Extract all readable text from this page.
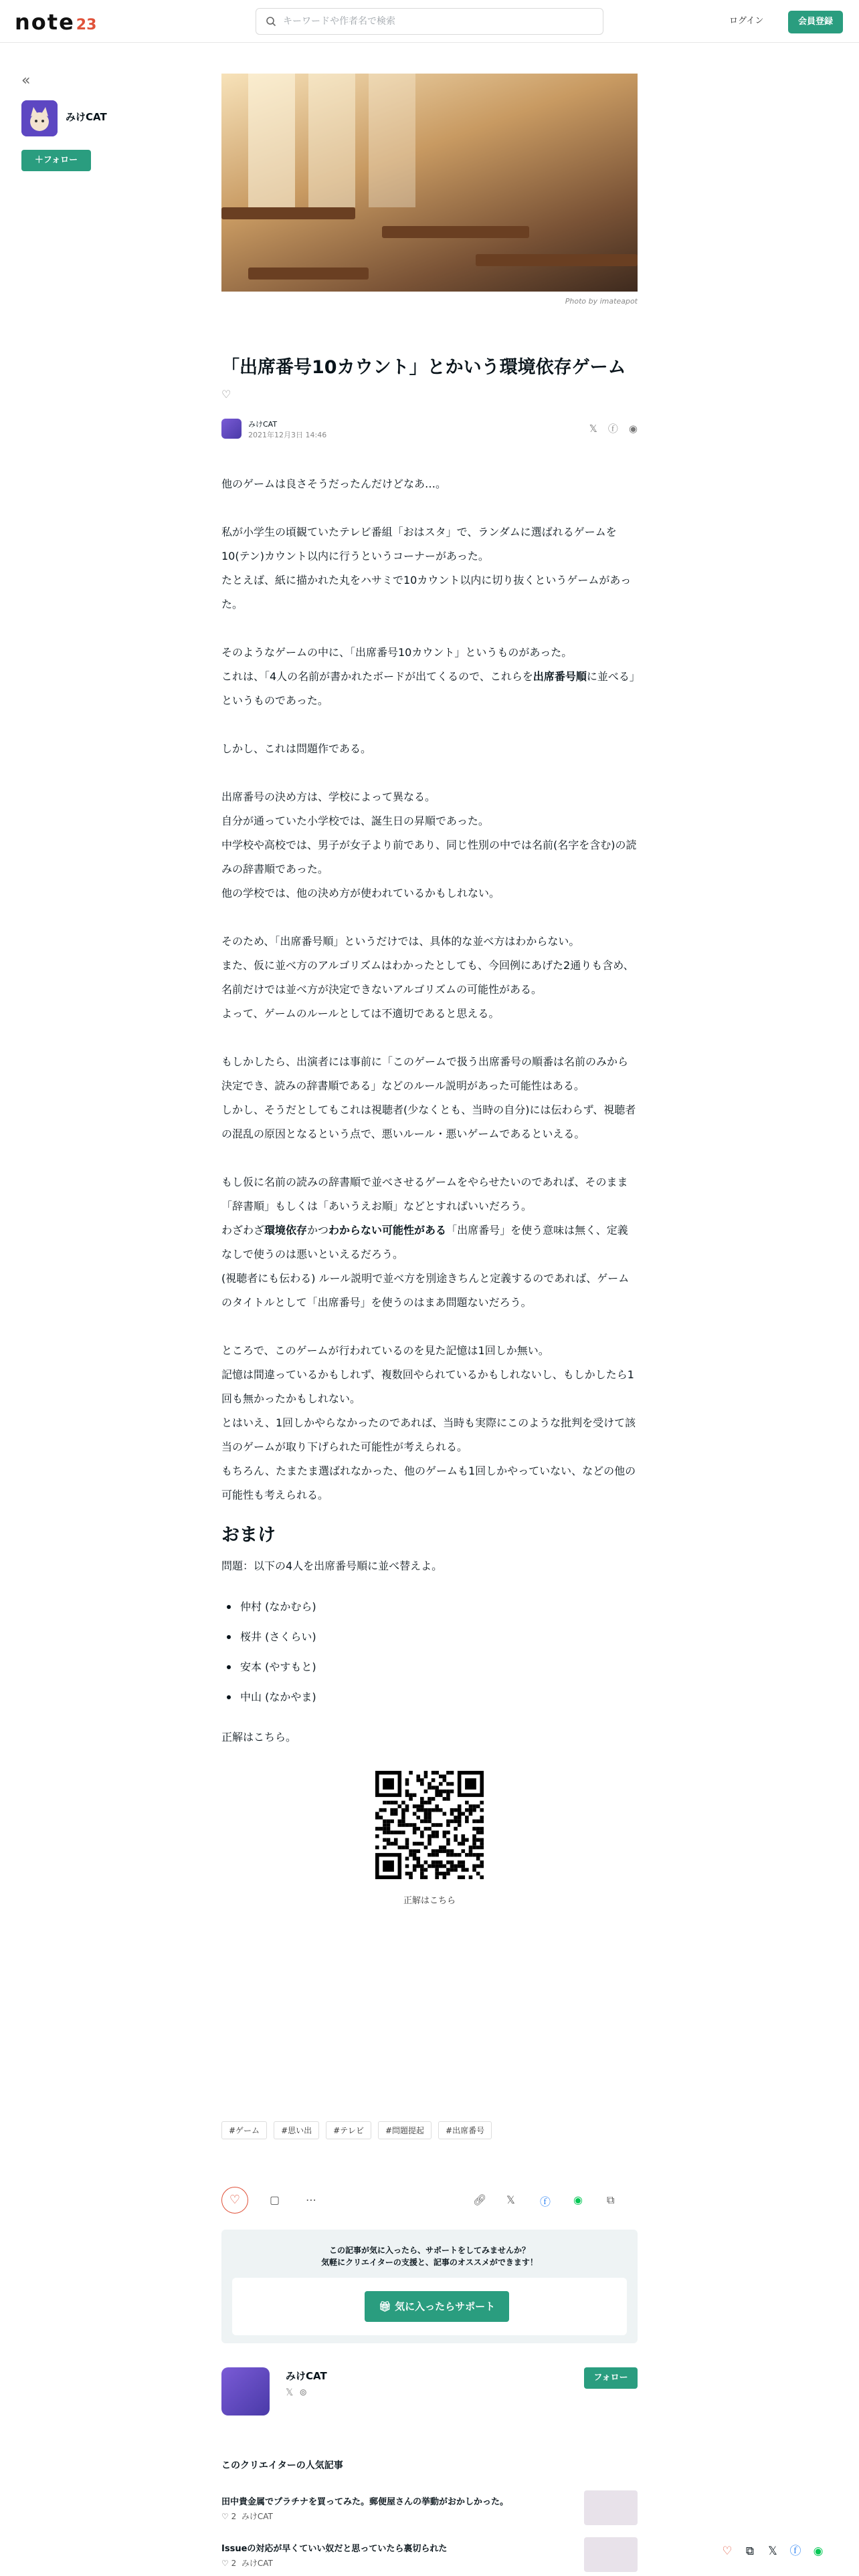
note23
キーワードや作者名で検索	ログイン	会員登録
«
みけCAT
＋フォロー
Photo by imateapot
「出席番号10カウント」とかいう環境依存ゲーム
♡
みけCAT
2021年12月3日 14:46
𝕏 ⓕ ◉

他のゲームは良さそうだったんだけどなあ…。

私が小学生の頃観ていたテレビ番組「おはスタ」で、ランダムに選ばれるゲームを10(テン)カウント以内に行うというコーナーがあった。

たとえば、紙に描かれた丸をハサミで10カウント以内に切り抜くというゲームがあった。

そのようなゲームの中に、「出席番号10カウント」というものがあった。

これは、「4人の名前が書かれたボードが出てくるので、これらを出席番号順に並べる」というものであった。

しかし、これは問題作である。

出席番号の決め方は、学校によって異なる。

自分が通っていた小学校では、誕生日の昇順であった。

中学校や高校では、男子が女子より前であり、同じ性別の中では名前(名字を含む)の読みの辞書順であった。

他の学校では、他の決め方が使われているかもしれない。

そのため、「出席番号順」というだけでは、具体的な並べ方はわからない。

また、仮に並べ方のアルゴリズムはわかったとしても、今回例にあげた2通りも含め、名前だけでは並べ方が決定できないアルゴリズムの可能性がある。

よって、ゲームのルールとしては不適切であると思える。

もしかしたら、出演者には事前に「このゲームで扱う出席番号の順番は名前のみから決定でき、読みの辞書順である」などのルール説明があった可能性はある。

しかし、そうだとしてもこれは視聴者(少なくとも、当時の自分)には伝わらず、視聴者の混乱の原因となるという点で、悪いルール・悪いゲームであるといえる。

もし仮に名前の読みの辞書順で並べさせるゲームをやらせたいのであれば、そのまま「辞書順」もしくは「あいうえお順」などとすればいいだろう。

わざわざ環境依存かつわからない可能性がある「出席番号」を使う意味は無く、定義なしで使うのは悪いといえるだろう。

(視聴者にも伝わる) ルール説明で並べ方を別途きちんと定義するのであれば、ゲームのタイトルとして「出席番号」を使うのはまあ問題ないだろう。

ところで、このゲームが行われているのを見た記憶は1回しか無い。

記憶は間違っているかもしれず、複数回やられているかもしれないし、もしかしたら1回も無かったかもしれない。

とはいえ、1回しかやらなかったのであれば、当時も実際にこのような批判を受けて該当のゲームが取り下げられた可能性が考えられる。

もちろん、たまたま選ばれなかった、他のゲームも1回しかやっていない、などの他の可能性も考えられる。

おまけ

問題：以下の4人を出席番号順に並べ替えよ。

仲村 (なかむら)
桜井 (さくらい)
安本 (やすもと)
中山 (なかやま)

正解はこちら。

正解はこちら
#ゲーム	#思い出	#テレビ	#問題提起	#出席番号
♡	▢ ⋯	🔗︎ 𝕏 ⓕ ◉ ⧉
この記事が気に入ったら、サポートをしてみませんか？
気軽にクリエイターの支援と、記事のオススメができます！
🎁︎ 気に入ったらサポート
みけCAT
𝕏 ⊚
フォロー
このクリエイターの人気記事
田中貴金属でプラチナを買ってみた。郵便屋さんの挙動がおかしかった。
♡ 2 みけCAT
Issueの対応が早くていい奴だと思っていたら裏切られた
♡ 2 みけCAT
♡ ⧉ 𝕏 ⓕ ◉
